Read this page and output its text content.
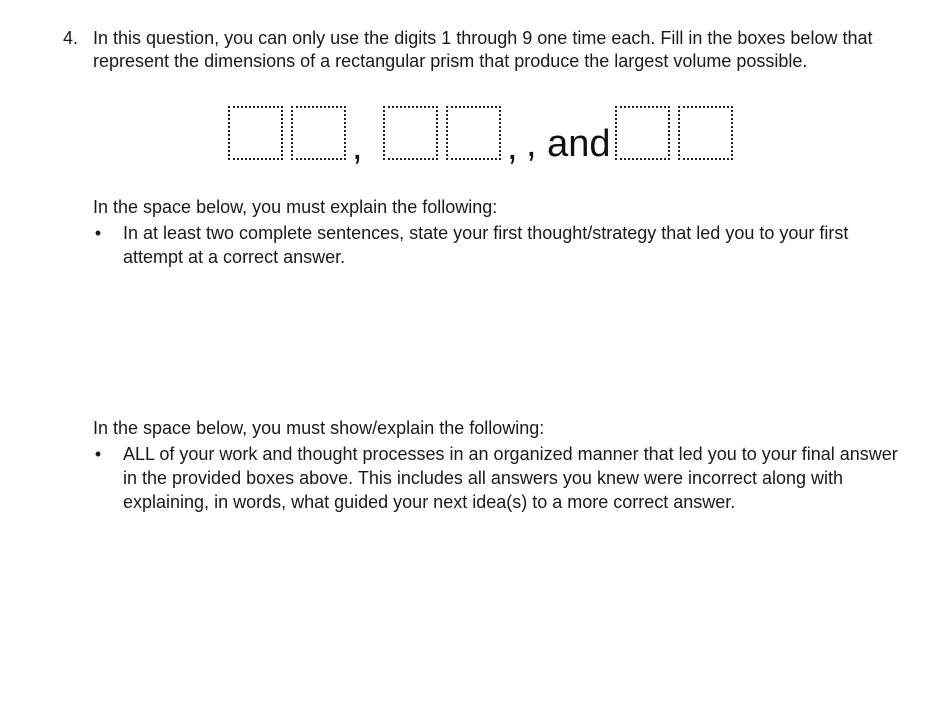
4. In this question, you can only use the digits 1 through 9 one time each. Fill in the boxes below that represent the dimensions of a rectangular prism that produce the largest volume possible.

,	, , and

In the space below, you must explain the following:

• In at least two complete sentences, state your first thought/strategy that led you to your first attempt at a correct answer.

In the space below, you must show/explain the following:

• ALL of your work and thought processes in an organized manner that led you to your final answer in the provided boxes above. This includes all answers you knew were incorrect along with explaining, in words, what guided your next idea(s) to a more correct answer.
